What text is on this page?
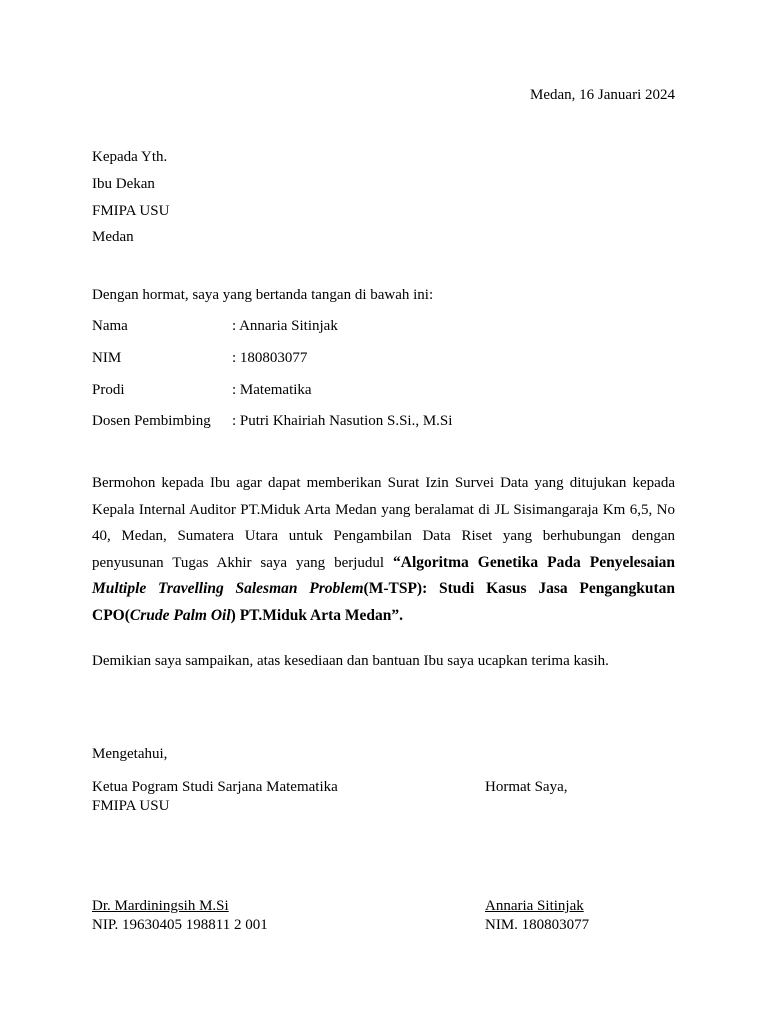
Medan, 16 Januari 2024
Kepada Yth.
Ibu Dekan
FMIPA USU
Medan
Dengan hormat, saya yang bertanda tangan di bawah ini:
Nama	: Annaria Sitinjak
NIM	: 180803077
Prodi	: Matematika
Dosen Pembimbing : Putri Khairiah Nasution S.Si., M.Si
Bermohon kepada Ibu agar dapat memberikan Surat Izin Survei Data yang ditujukan kepada Kepala Internal Auditor PT.Miduk Arta Medan yang beralamat di JL Sisimangaraja Km 6,5, No 40, Medan, Sumatera Utara untuk Pengambilan Data Riset yang berhubungan dengan penyusunan Tugas Akhir saya yang berjudul “Algoritma Genetika Pada Penyelesaian Multiple Travelling Salesman Problem(M-TSP): Studi Kasus Jasa Pengangkutan CPO(Crude Palm Oil) PT.Miduk Arta Medan”.
Demikian saya sampaikan, atas kesediaan dan bantuan Ibu saya ucapkan terima kasih.
Mengetahui,
Ketua Pogram Studi Sarjana Matematika
FMIPA USU
Hormat Saya,
Dr. Mardiningsih M.Si
NIP. 19630405 198811 2 001
Annaria Sitinjak
NIM. 180803077
